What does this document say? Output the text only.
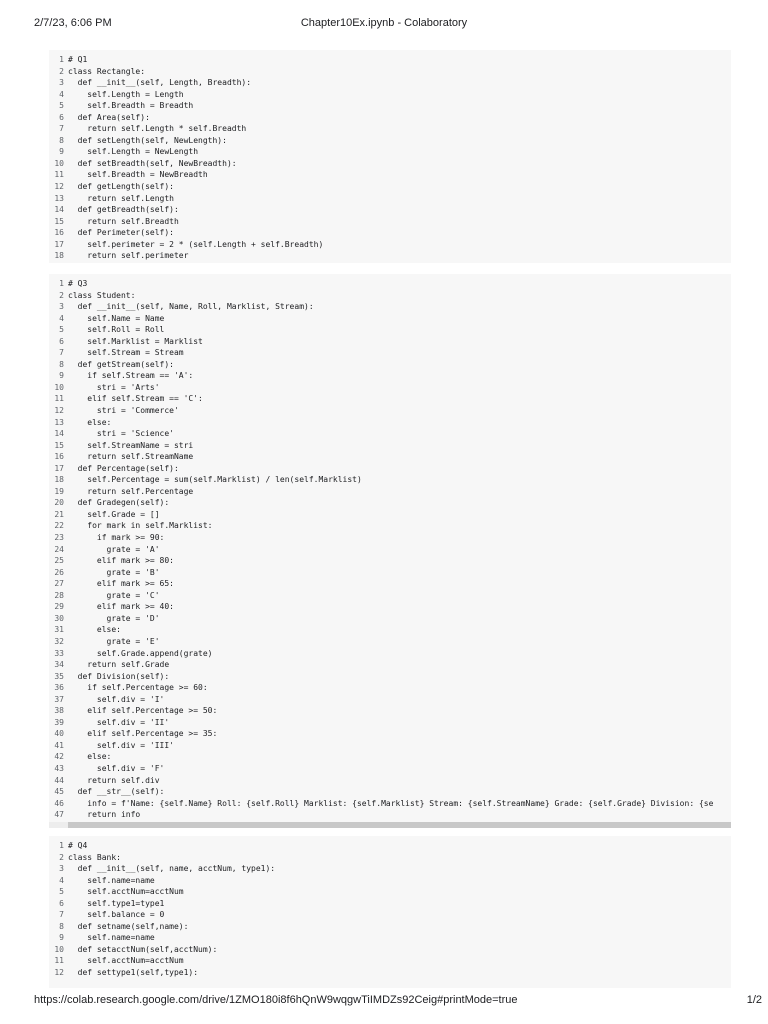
2/7/23, 6:06 PM	Chapter10Ex.ipynb - Colaboratory
1 # Q1
2 class Rectangle:
3 def __init__(self, Length, Breadth):
4 self.Length = Length
5 self.Breadth = Breadth
6 def Area(self):
7 return self.Length * self.Breadth
8 def setLength(self, NewLength):
9 self.Length = NewLength
10 def setBreadth(self, NewBreadth):
11 self.Breadth = NewBreadth
12 def getLength(self):
13 return self.Length
14 def getBreadth(self):
15 return self.Breadth
16 def Perimeter(self):
17 self.perimeter = 2 * (self.Length + self.Breadth)
18 return self.perimeter
1 # Q3
2 class Student:
3 def __init__(self, Name, Roll, Marklist, Stream):
4 self.Name = Name
5 self.Roll = Roll
6 self.Marklist = Marklist
7 self.Stream = Stream
8 def getStream(self):
9 if self.Stream == 'A':
10 stri = 'Arts'
11 elif self.Stream == 'C':
12 stri = 'Commerce'
13 else:
14 stri = 'Science'
15 self.StreamName = stri
16 return self.StreamName
17 def Percentage(self):
18 self.Percentage = sum(self.Marklist) / len(self.Marklist)
19 return self.Percentage
20 def Gradegen(self):
21 self.Grade = []
22 for mark in self.Marklist:
23 if mark >= 90:
24 grate = 'A'
25 elif mark >= 80:
26 grate = 'B'
27 elif mark >= 65:
28 grate = 'C'
29 elif mark >= 40:
30 grate = 'D'
31 else:
32 grate = 'E'
33 self.Grade.append(grate)
34 return self.Grade
35 def Division(self):
36 if self.Percentage >= 60:
37 self.div = 'I'
38 elif self.Percentage >= 50:
39 self.div = 'II'
40 elif self.Percentage >= 35:
41 self.div = 'III'
42 else:
43 self.div = 'F'
44 return self.div
45 def __str__(self):
46 info = f'Name: {self.Name} Roll: {self.Roll} Marklist: {self.Marklist} Stream: {self.StreamName} Grade: {self.Grade} Division: {se
47 return info
1 # Q4
2 class Bank:
3 def __init__(self, name, acctNum, type1):
4 self.name=name
5 self.acctNum=acctNum
6 self.type1=type1
7 self.balance = 0
8 def setname(self,name):
9 self.name=name
10 def setacctNum(self,acctNum):
11 self.acctNum=acctNum
12 def settype1(self,type1):
https://colab.research.google.com/drive/1ZMO180i8f6hQnW9wqgwTiIMDZs92Ceig#printMode=true	1/2
